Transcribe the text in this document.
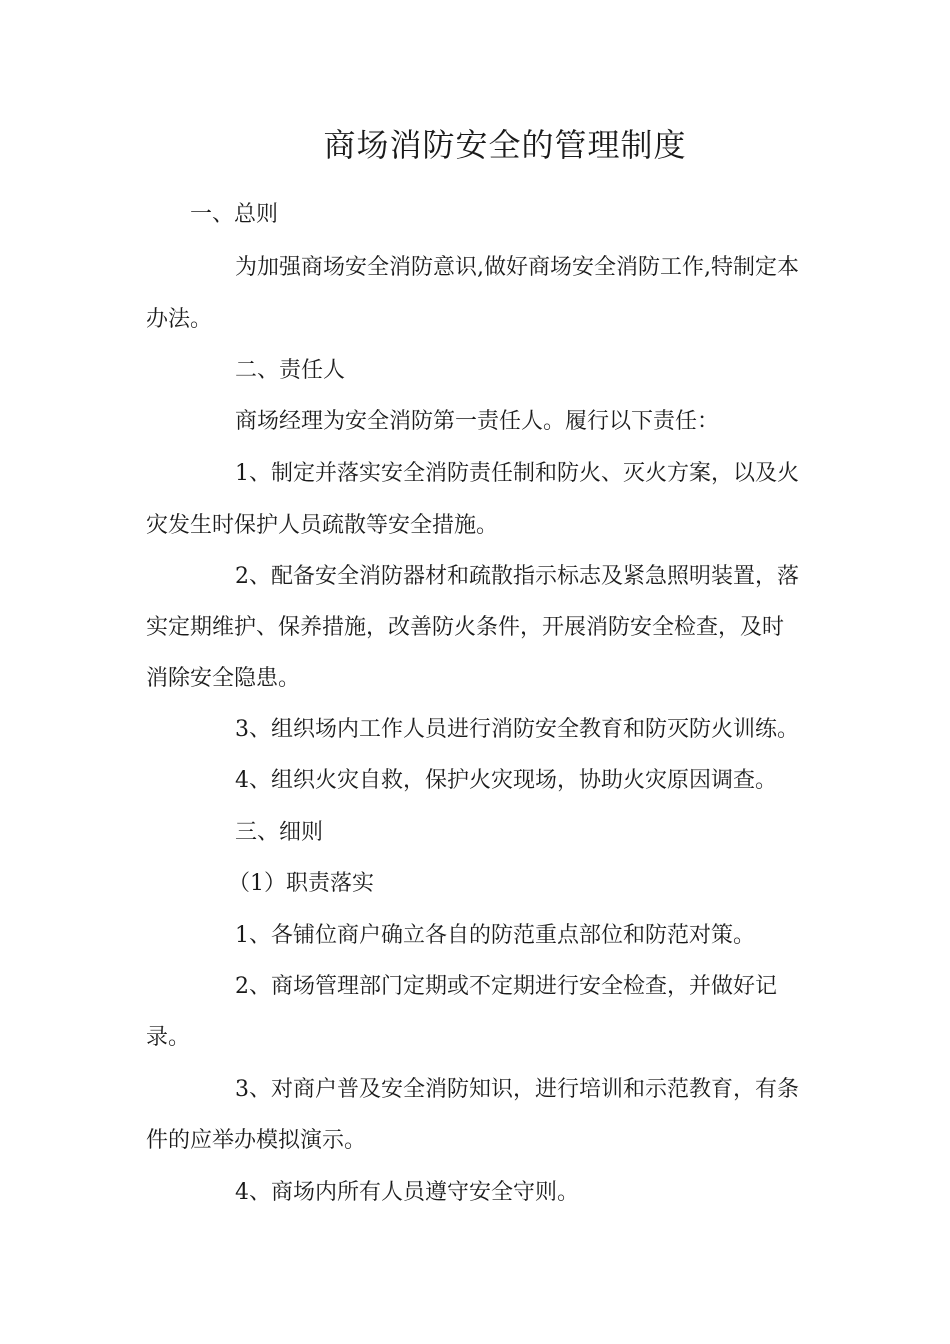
商场消防安全的管理制度
一、总则
为加强商场安全消防意识,做好商场安全消防工作,特制定本
办法。
二、责任人
商场经理为安全消防第一责任人。履行以下责任：
1、制定并落实安全消防责任制和防火、灭火方案，以及火
灾发生时保护人员疏散等安全措施。
2、配备安全消防器材和疏散指示标志及紧急照明装置，落
实定期维护、保养措施，改善防火条件，开展消防安全检查，及时
消除安全隐患。
3、组织场内工作人员进行消防安全教育和防灭防火训练。
4、组织火灾自救，保护火灾现场，协助火灾原因调查。
三、细则
（1）职责落实
1、各铺位商户确立各自的防范重点部位和防范对策。
2、商场管理部门定期或不定期进行安全检查，并做好记
录。
3、对商户普及安全消防知识，进行培训和示范教育，有条
件的应举办模拟演示。
4、商场内所有人员遵守安全守则。
